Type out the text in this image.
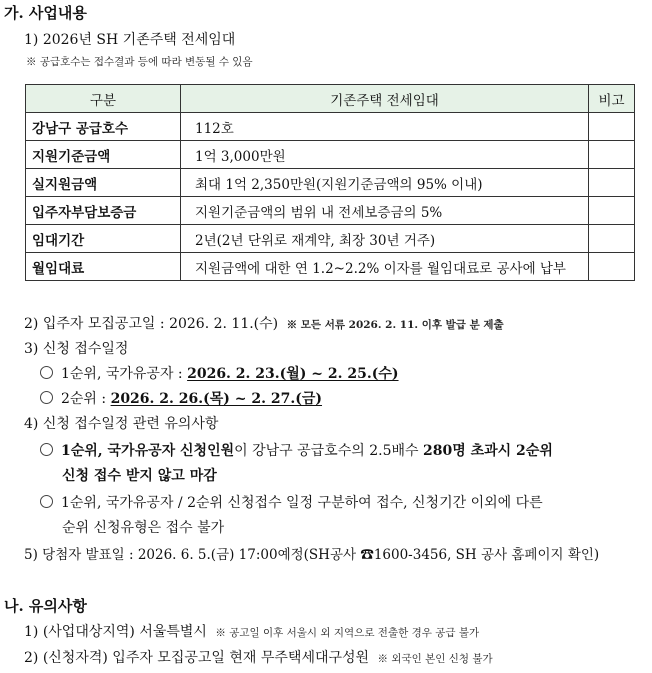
가. 사업내용
1) 2026년 SH 기존주택 전세임대
※ 공급호수는 접수결과 등에 따라 변동될 수 있음
구분	기존주택 전세임대	비고
강남구 공급호수	112호	
지원기준금액	1억 3,000만원	
실지원금액	최대 1억 2,350만원(지원기준금액의 95% 이내)	
입주자부담보증금	지원기준금액의 범위 내 전세보증금의 5%	
임대기간	2년(2년 단위로 재계약, 최장 30년 거주)	
월임대료	지원금액에 대한 연 1.2~2.2% 이자를 월임대료로 공사에 납부	
2) 입주자 모집공고일 : 2026. 2. 11.(수) ※ 모든 서류 2026. 2. 11. 이후 발급 분 제출
3) 신청 접수일정
1순위, 국가유공자 : 2026. 2. 23.(월) ~ 2. 25.(수)
2순위 : 2026. 2. 26.(목) ~ 2. 27.(금)
4) 신청 접수일정 관련 유의사항
1순위, 국가유공자 신청인원이 강남구 공급호수의 2.5배수 280명 초과시 2순위
신청 접수 받지 않고 마감
1순위, 국가유공자 / 2순위 신청접수 일정 구분하여 접수, 신청기간 이외에 다른
순위 신청유형은 접수 불가
5) 당첨자 발표일 : 2026. 6. 5.(금) 17:00예정(SH공사 ☎1600-3456, SH 공사 홈페이지 확인)
나. 유의사항
1) (사업대상지역) 서울특별시 ※ 공고일 이후 서울시 외 지역으로 전출한 경우 공급 불가
2) (신청자격) 입주자 모집공고일 현재 무주택세대구성원 ※ 외국인 본인 신청 불가
